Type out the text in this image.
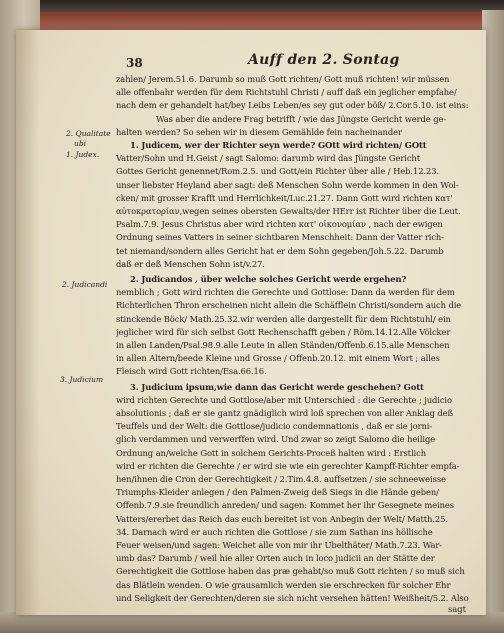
38	Auff den 2. Sontag
2. Qualitate
ubi
1. Judex.
2. Judicandi
3. Judicium
zahlen/ Jerem.51.6. Darumb so muß Gott richten/ Gott muß richten! wir müssen
alle offenbahr werden für dem Richtstuhl Christi / auff daß ein jeglicher empfahe/
nach dem er gehandelt hat/bey Leibs Leben/es sey gut oder böß/ 2.Cor.5.10. ist eins:
Was aber die andere Frag betrifft / wie das Jüngste Gericht werde ge-
halten werden? So sehen wir in diesem Gemählde fein nacheinander
1. Judicem, wer der Richter seyn werde? GOtt wird richten/ GOtt
Vatter/Sohn und H.Geist / sagt Salomo: darumb wird das Jüngste Gericht
Gottes Gericht genennet/Rom.2.5. und Gott/ein Richter über alle / Heb.12.23.
unser liebster Heyland aber sagt: deß Menschen Sohn werde kommen in den Wol-
cken/ mit grosser Krafft und Herrlichkeit/Luc.21.27. Dann Gott wird richten κατ'
αὐτοκρατορίαν,wegen seines obersten Gewalts/der HErr ist Richter über die Leut.
Psalm.7.9. Jesus Christus aber wird richten κατ' οἰκονομίαν , nach der ewigen
Ordnung seines Vatters in seiner sichtbaren Menschheit: Dann der Vatter rich-
tet niemand/sondern alles Gericht hat er dem Sohn gegeben/Joh.5.22. Darumb
daß er deß Menschen Sohn ist/v.27.
2. Judicandos , über welche solches Gericht werde ergehen?
nemblich ; Gott wird richten die Gerechte und Gottlose: Dann da werden für dem
Richterlichen Thron erscheinen nicht allein die Schäfflein Christi/sondern auch die
stinckende Böck/ Math.25.32.wir werden alle dargestellt für dem Richtstuhl/ ein
jeglicher wird für sich selbst Gott Rechenschafft geben / Röm.14.12.Alle Völcker
in allen Landen/Psal.98.9.alle Leute in allen Ständen/Offenb.6.15.alle Menschen
in allen Altern/beede Kleine und Grosse / Offenb.20.12. mit einem Wort ; alles
Fleisch wird Gott richten/Esa.66.16.
3. Judicium ipsum,wie dann das Gericht werde geschehen? Gott
wird richten Gerechte und Gottlose/aber mit Unterschied : die Gerechte ; judicio
absolutionis ; daß er sie gantz gnädiglich wird loß sprechen von aller Anklag deß
Teuffels und der Welt: die Gottlose/judicio condemnationis , daß er sie jorni-
glich verdammen und verwerffen wird. Und zwar so zeigt Salomo die heilige
Ordnung an/welche Gott in solchem Gerichts-Proceß halten wird : Erstlich
wird er richten die Gerechte / er wird sie wie ein gerechter Kampff-Richter empfa-
hen/ihnen die Cron der Gerechtigkeit / 2.Tim.4.8. auffsetzen / sie schneeweisse
Triumphs-Kleider anlegen / den Palmen-Zweig deß Siegs in die Hände geben/
Offenb.7.9.sie freundlich anreden/ und sagen: Kommet her ihr Gesegnete meines
Vatters/ererbet das Reich das euch bereitet ist von Anbegin der Welt/ Matth.25.
34. Darnach wird er auch richten die Gottlose / sie zum Sathan ins höllische
Feuer weisen/und sagen: Weichet alle von mir ihr Ubelthäter/ Math.7.23. War-
umb das? Darumb / weil hie aller Orten auch in loco judicii an der Stätte der
das Blätlein wenden. O wie grausamlich werden sie erschrecken für solcher Ehr
und Seligkeit der Gerechten/deren sie sich nicht versehen hätten! Weißheit/5.2. Also
Gerechtigkeit die Gottlose haben das præ gehabt/so muß Gott richten / so muß sich
sagt
